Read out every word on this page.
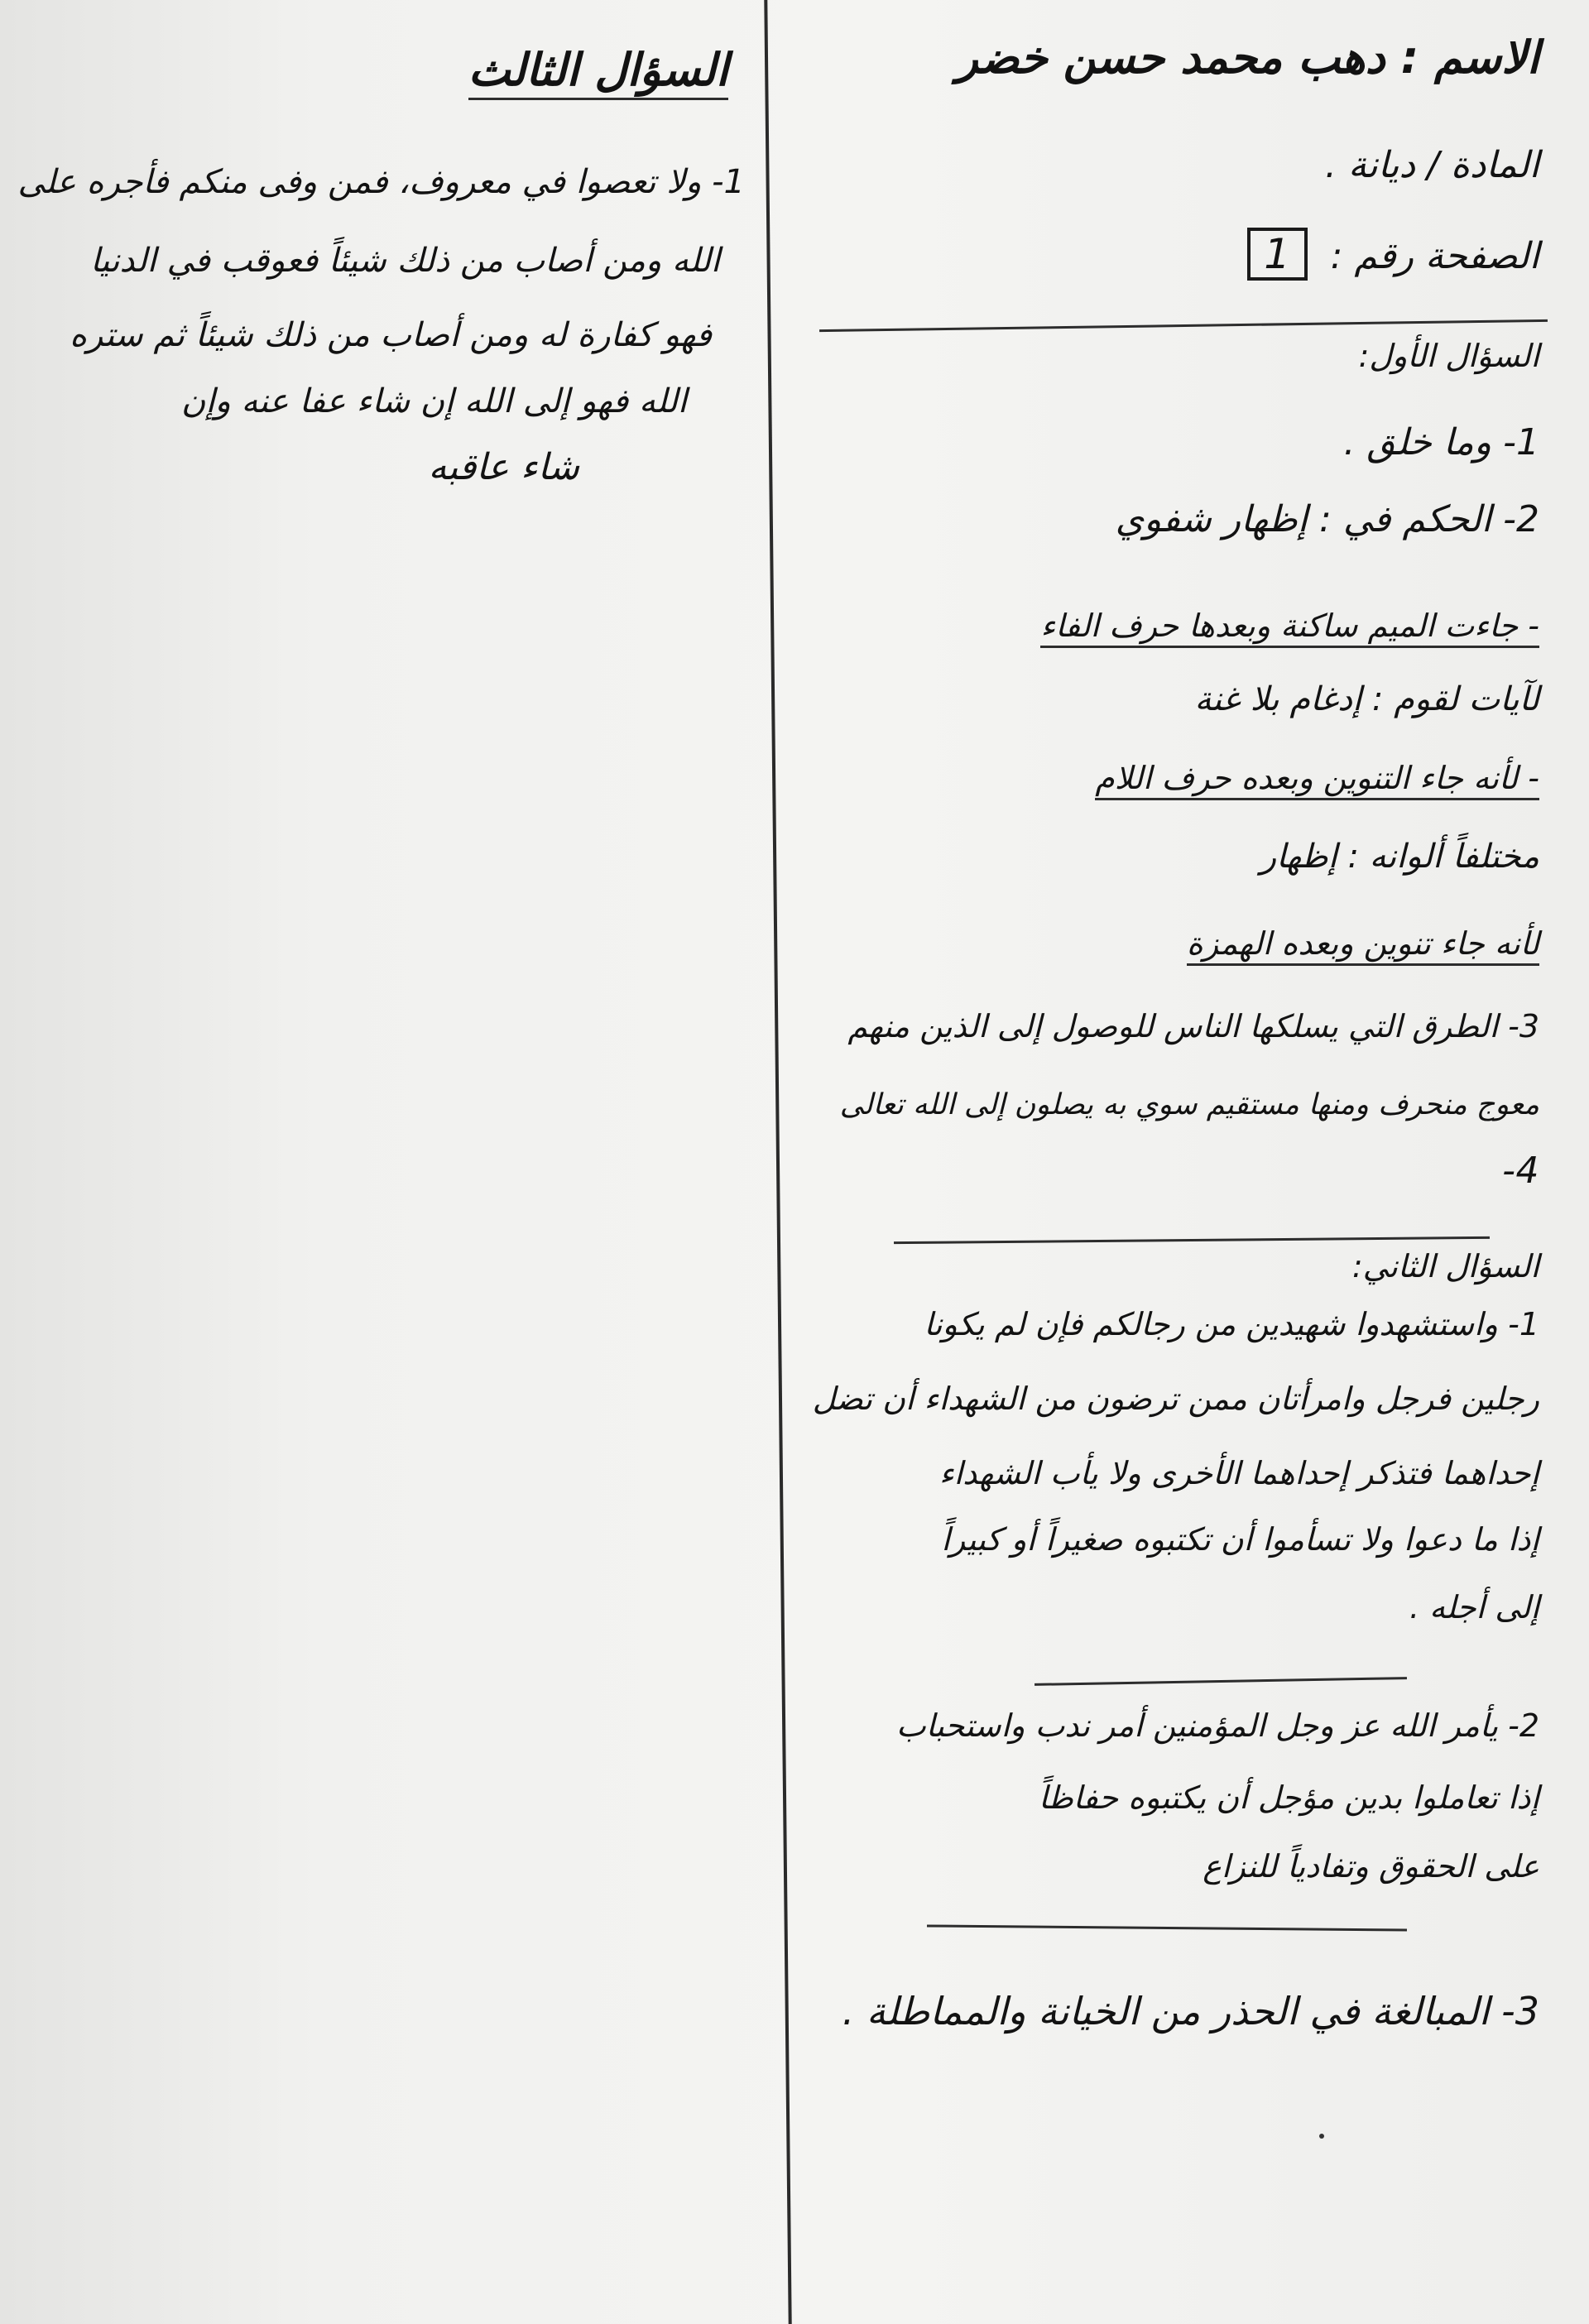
الاسم : دهب محمد حسن خضر
المادة / ديانة .
الصفحة رقم : 1
السؤال الأول:
1- وما خلق .
2- الحكم في : إظهار شفوي
- جاءت الميم ساكنة وبعدها حرف الفاء
لآيات لقوم : إدغام بلا غنة
- لأنه جاء التنوين وبعده حرف اللام
مختلفاً ألوانه : إظهار
لأنه جاء تنوين وبعده الهمزة
3- الطرق التي يسلكها الناس للوصول إلى الذين منهم
معوج منحرف ومنها مستقيم سوي به يصلون إلى الله تعالى
4-
السؤال الثاني:
1- واستشهدوا شهيدين من رجالكم فإن لم يكونا
رجلين فرجل وامرأتان ممن ترضون من الشهداء أن تضل
إحداهما فتذكر إحداهما الأخرى ولا يأب الشهداء
إذا ما دعوا ولا تسأموا أن تكتبوه صغيراً أو كبيراً
إلى أجله .
2- يأمر الله عز وجل المؤمنين أمر ندب واستحباب
إذا تعاملوا بدين مؤجل أن يكتبوه حفاظاً
على الحقوق وتفادياً للنزاع
3- المبالغة في الحذر من الخيانة والمماطلة .
السؤال الثالث
1- ولا تعصوا في معروف، فمن وفى منكم فأجره على
الله ومن أصاب من ذلك شيئاً فعوقب في الدنيا
فهو كفارة له ومن أصاب من ذلك شيئاً ثم ستره
الله فهو إلى الله إن شاء عفا عنه وإن
شاء عاقبه
